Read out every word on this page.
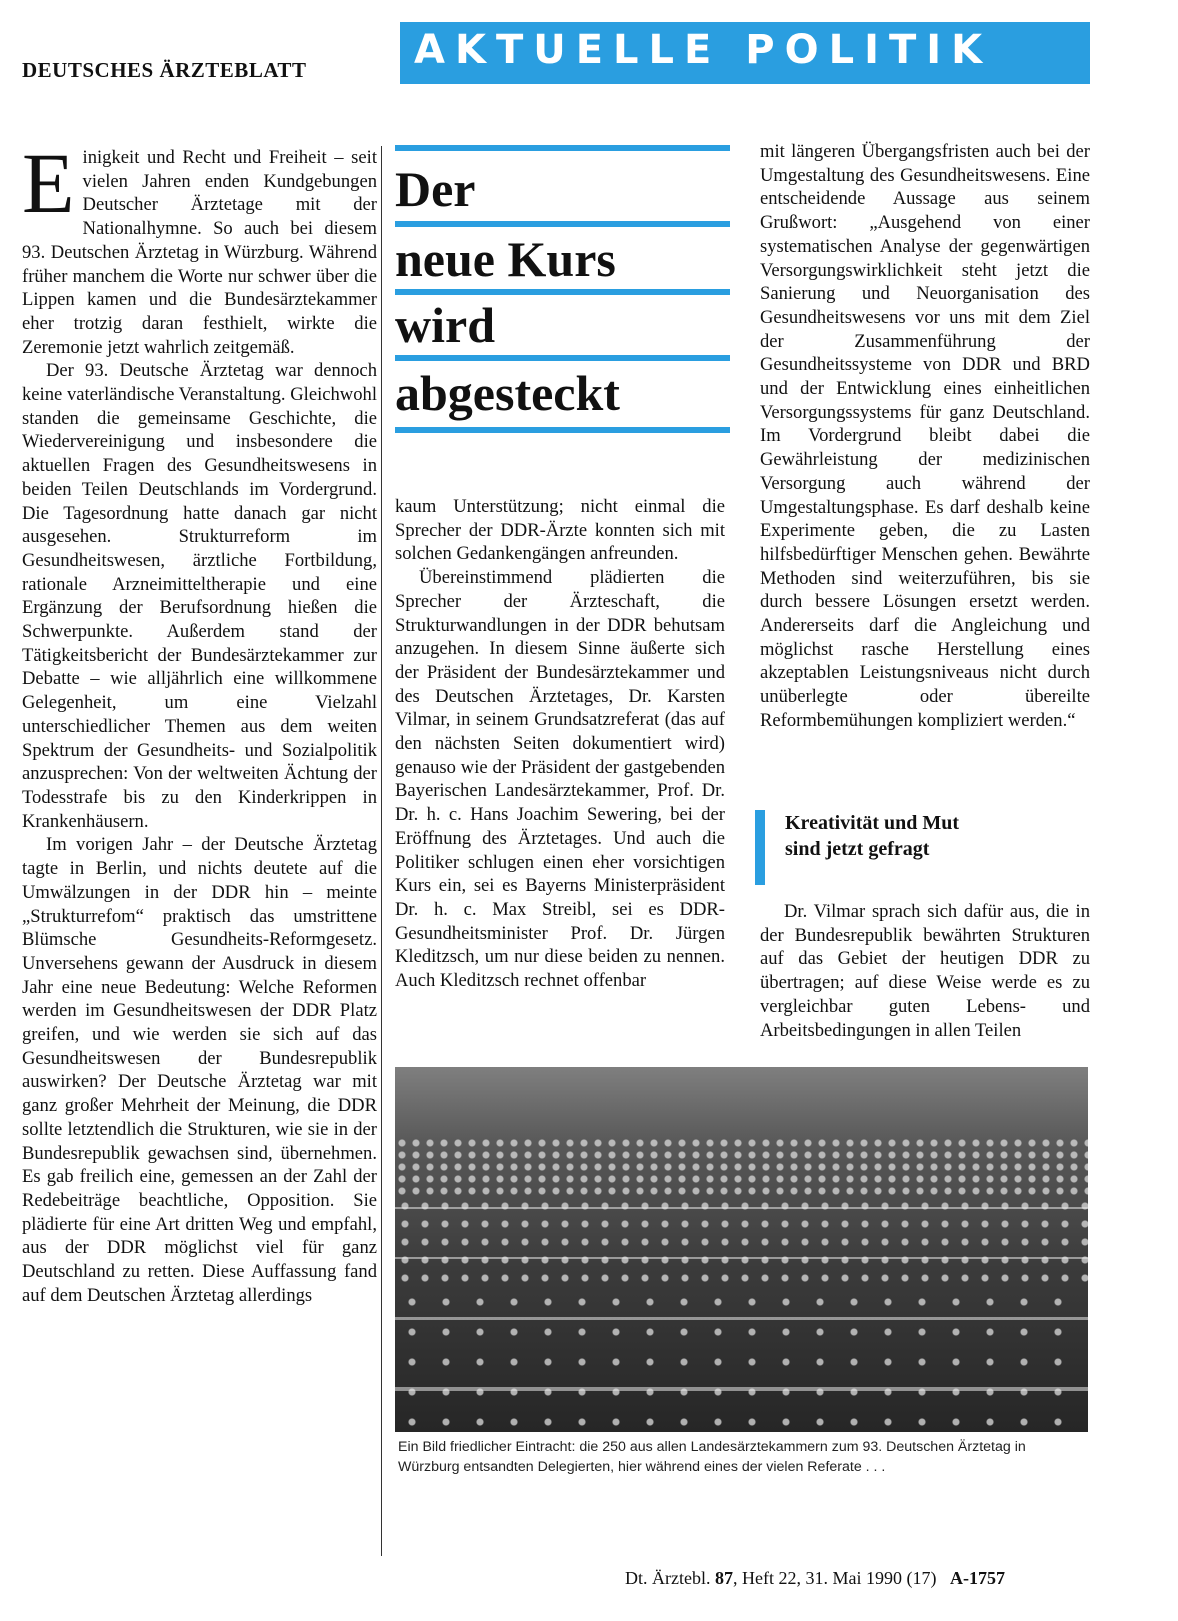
DEUTSCHES ÄRZTEBLATT	AKTUELLE POLITIK

Einigkeit und Recht und Freiheit – seit vielen Jahren enden Kundgebungen Deutscher Ärztetage mit der Nationalhymne. So auch bei diesem 93. Deutschen Ärztetag in Würzburg. Während früher manchem die Worte nur schwer über die Lippen kamen und die Bundesärztekammer eher trotzig daran festhielt, wirkte die Zeremonie jetzt wahrlich zeitgemäß.

Der 93. Deutsche Ärztetag war dennoch keine vaterländische Veranstaltung. Gleichwohl standen die gemeinsame Geschichte, die Wiedervereinigung und insbesondere die aktuellen Fragen des Gesundheitswesens in beiden Teilen Deutschlands im Vordergrund. Die Tagesordnung hatte danach gar nicht ausgesehen. Strukturreform im Gesundheitswesen, ärztliche Fortbildung, rationale Arzneimitteltherapie und eine Ergänzung der Berufsordnung hießen die Schwerpunkte. Außerdem stand der Tätigkeitsbericht der Bundesärztekammer zur Debatte – wie alljährlich eine willkommene Gelegenheit, um eine Vielzahl unterschiedlicher Themen aus dem weiten Spektrum der Gesundheits- und Sozialpolitik anzusprechen: Von der weltweiten Ächtung der Todesstrafe bis zu den Kinderkrippen in Krankenhäusern.

Im vorigen Jahr – der Deutsche Ärztetag tagte in Berlin, und nichts deutete auf die Umwälzungen in der DDR hin – meinte „Strukturrefom“ praktisch das umstrittene Blümsche Gesundheits-Reformgesetz. Unversehens gewann der Ausdruck in diesem Jahr eine neue Bedeutung: Welche Reformen werden im Gesundheitswesen der DDR Platz greifen, und wie werden sie sich auf das Gesundheitswesen der Bundesrepublik auswirken? Der Deutsche Ärztetag war mit ganz großer Mehrheit der Meinung, die DDR sollte letztendlich die Strukturen, wie sie in der Bundesrepublik gewachsen sind, übernehmen. Es gab freilich eine, gemessen an der Zahl der Redebeiträge beachtliche, Opposition. Sie plädierte für eine Art dritten Weg und empfahl, aus der DDR möglichst viel für ganz Deutschland zu retten. Diese Auffassung fand auf dem Deutschen Ärztetag allerdings

Der
neue Kurs
wird
abgesteckt

kaum Unterstützung; nicht einmal die Sprecher der DDR-Ärzte konnten sich mit solchen Gedankengängen anfreunden.

Übereinstimmend plädierten die Sprecher der Ärzteschaft, die Strukturwandlungen in der DDR behutsam anzugehen. In diesem Sinne äußerte sich der Präsident der Bundesärztekammer und des Deutschen Ärztetages, Dr. Karsten Vilmar, in seinem Grundsatzreferat (das auf den nächsten Seiten dokumentiert wird) genauso wie der Präsident der gastgebenden Bayerischen Landesärztekammer, Prof. Dr. Dr. h. c. Hans Joachim Sewering, bei der Eröffnung des Ärztetages. Und auch die Politiker schlugen einen eher vorsichtigen Kurs ein, sei es Bayerns Ministerpräsident Dr. h. c. Max Streibl, sei es DDR-Gesundheitsminister Prof. Dr. Jürgen Kleditzsch, um nur diese beiden zu nennen. Auch Kleditzsch rechnet offenbar

mit längeren Übergangsfristen auch bei der Umgestaltung des Gesundheitswesens. Eine entscheidende Aussage aus seinem Grußwort: „Ausgehend von einer systematischen Analyse der gegenwärtigen Versorgungswirklichkeit steht jetzt die Sanierung und Neuorganisation des Gesundheitswesens vor uns mit dem Ziel der Zusammenführung der Gesundheitssysteme von DDR und BRD und der Entwicklung eines einheitlichen Versorgungssystems für ganz Deutschland. Im Vordergrund bleibt dabei die Gewährleistung der medizinischen Versorgung auch während der Umgestaltungsphase. Es darf deshalb keine Experimente geben, die zu Lasten hilfsbedürftiger Menschen gehen. Bewährte Methoden sind weiterzuführen, bis sie durch bessere Lösungen ersetzt werden. Andererseits darf die Angleichung und möglichst rasche Herstellung eines akzeptablen Leistungsniveaus nicht durch unüberlegte oder übereilte Reformbemühungen kompliziert werden.“

Kreativität und Mut
sind jetzt gefragt

Dr. Vilmar sprach sich dafür aus, die in der Bundesrepublik bewährten Strukturen auf das Gebiet der heutigen DDR zu übertragen; auf diese Weise werde es zu vergleichbar guten Lebens- und Arbeitsbedingungen in allen Teilen

Ein Bild friedlicher Eintracht: die 250 aus allen Landesärztekammern zum 93. Deutschen Ärztetag in Würzburg entsandten Delegierten, hier während eines der vielen Referate . . .
Dt. Ärztebl. 87, Heft 22, 31. Mai 1990 (17) A-1757
